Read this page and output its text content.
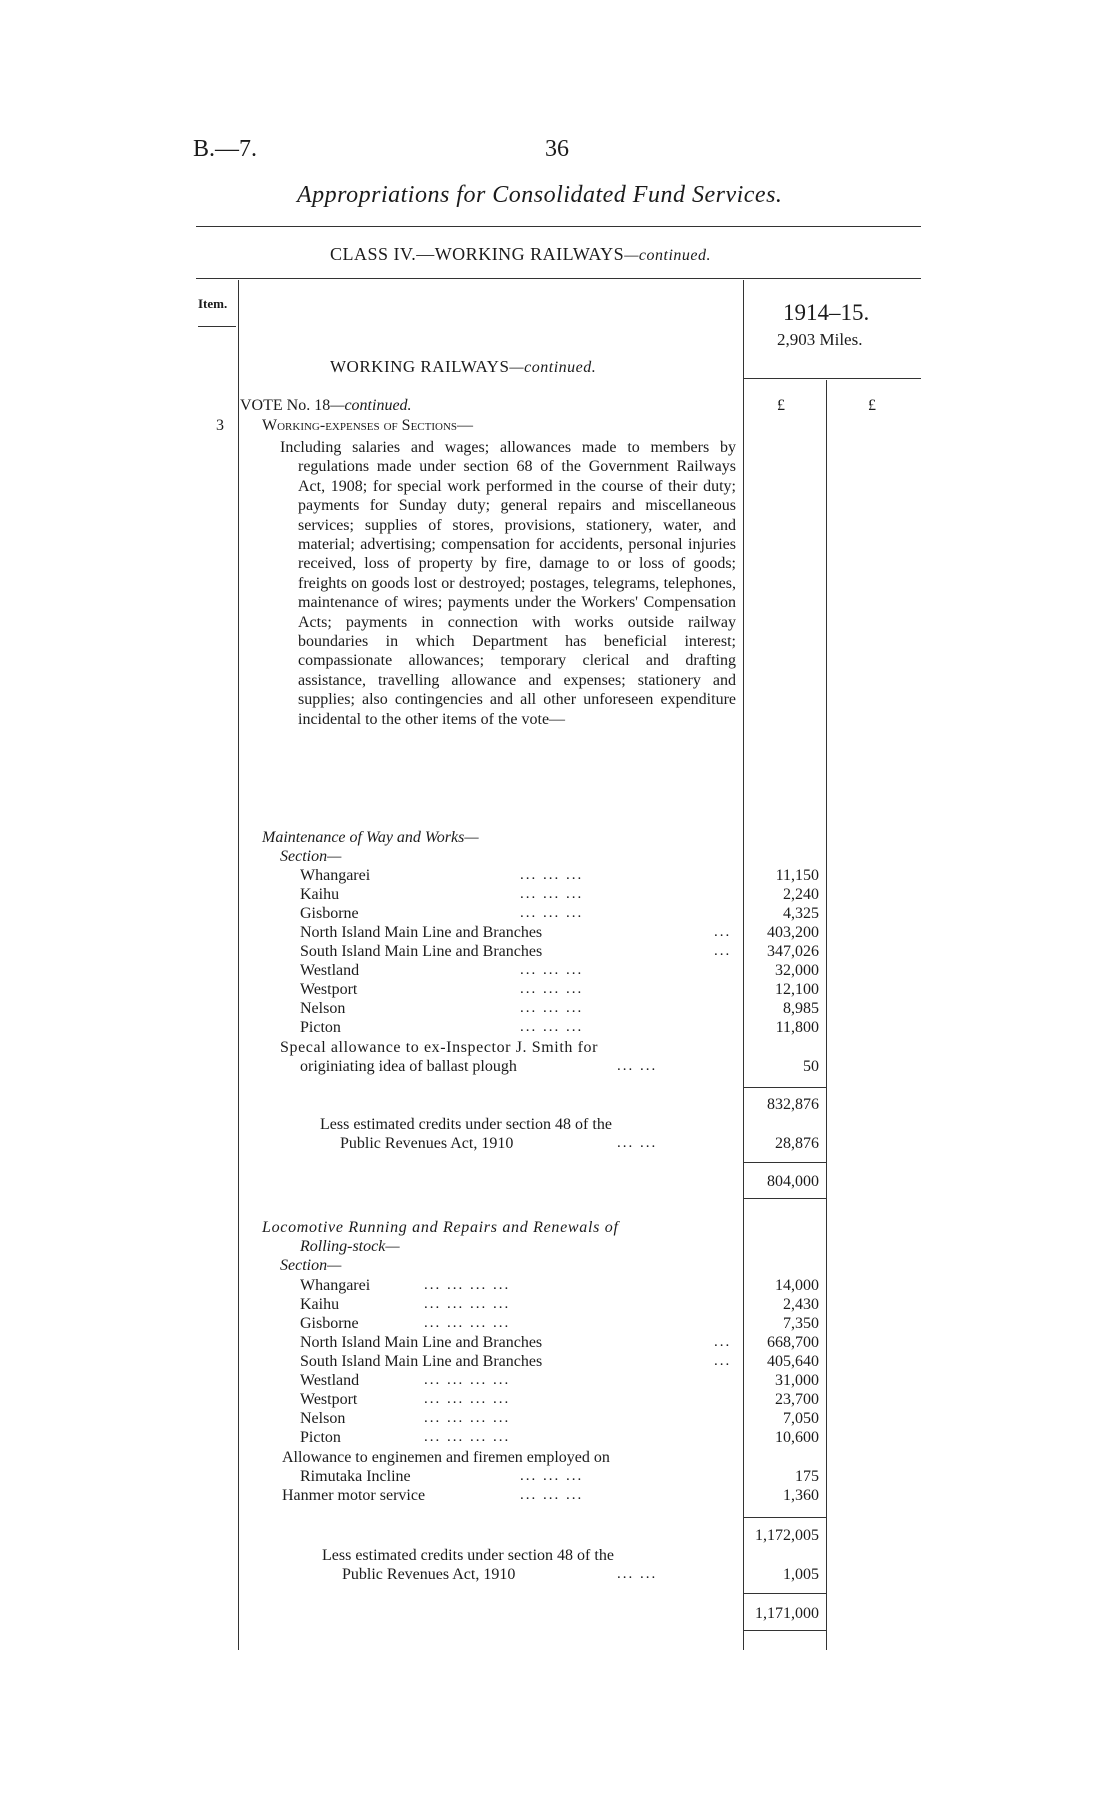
B.—7.	36
Appropriations for Consolidated Fund Services.
CLASS IV.—WORKING RAILWAYS—continued.
Item.	1914–15.
2,903 Miles.
WORKING RAILWAYS—continued.
£	£
VOTE No. 18—continued.
3 Working-expenses of Sections—
Including salaries and wages; allowances made to members by regulations made under section 68 of the Government Railways Act, 1908; for special work performed in the course of their duty; payments for Sunday duty; general repairs and miscellaneous services; supplies of stores, provisions, stationery, water, and material; advertising; compensation for accidents, personal injuries received, loss of property by fire, damage to or loss of goods; freights on goods lost or destroyed; postages, telegrams, telephones, maintenance of wires; payments under the Workers' Compensation Acts; payments in connection with works outside railway boundaries in which Department has beneficial interest; compassionate allowances; temporary clerical and drafting assistance, travelling allowance and expenses; stationery and supplies; also contingencies and all other unforeseen expenditure incidental to the other items of the vote—
Maintenance of Way and Works—
Section—
Whangarei	... ... ...	11,150
Kaihu	... ... ...	2,240
Gisborne	... ... ...	4,325
North Island Main Line and Branches	...	403,200
South Island Main Line and Branches	...	347,026
Westland	... ... ...	32,000
Westport	... ... ...	12,100
Nelson	... ... ...	8,985
Picton	... ... ...	11,800
Specal allowance to ex-Inspector J. Smith for
originiating idea of ballast plough	... ...	50
832,876
Less estimated credits under section 48 of the
Public Revenues Act, 1910	... ...	28,876
804,000
Locomotive Running and Repairs and Renewals of
Rolling-stock—
Section—
Whangarei	... ... ... ...	14,000
Kaihu	... ... ... ...	2,430
Gisborne	... ... ... ...	7,350
North Island Main Line and Branches	...	668,700
South Island Main Line and Branches	...	405,640
Westland	... ... ... ...	31,000
Westport	... ... ... ...	23,700
Nelson	... ... ... ...	7,050
Picton	... ... ... ...	10,600
Allowance to enginemen and firemen employed on
Rimutaka Incline	... ... ...	175
Hanmer motor service	... ... ...	1,360
1,172,005
Less estimated credits under section 48 of the
Public Revenues Act, 1910	... ...	1,005
1,171,000
